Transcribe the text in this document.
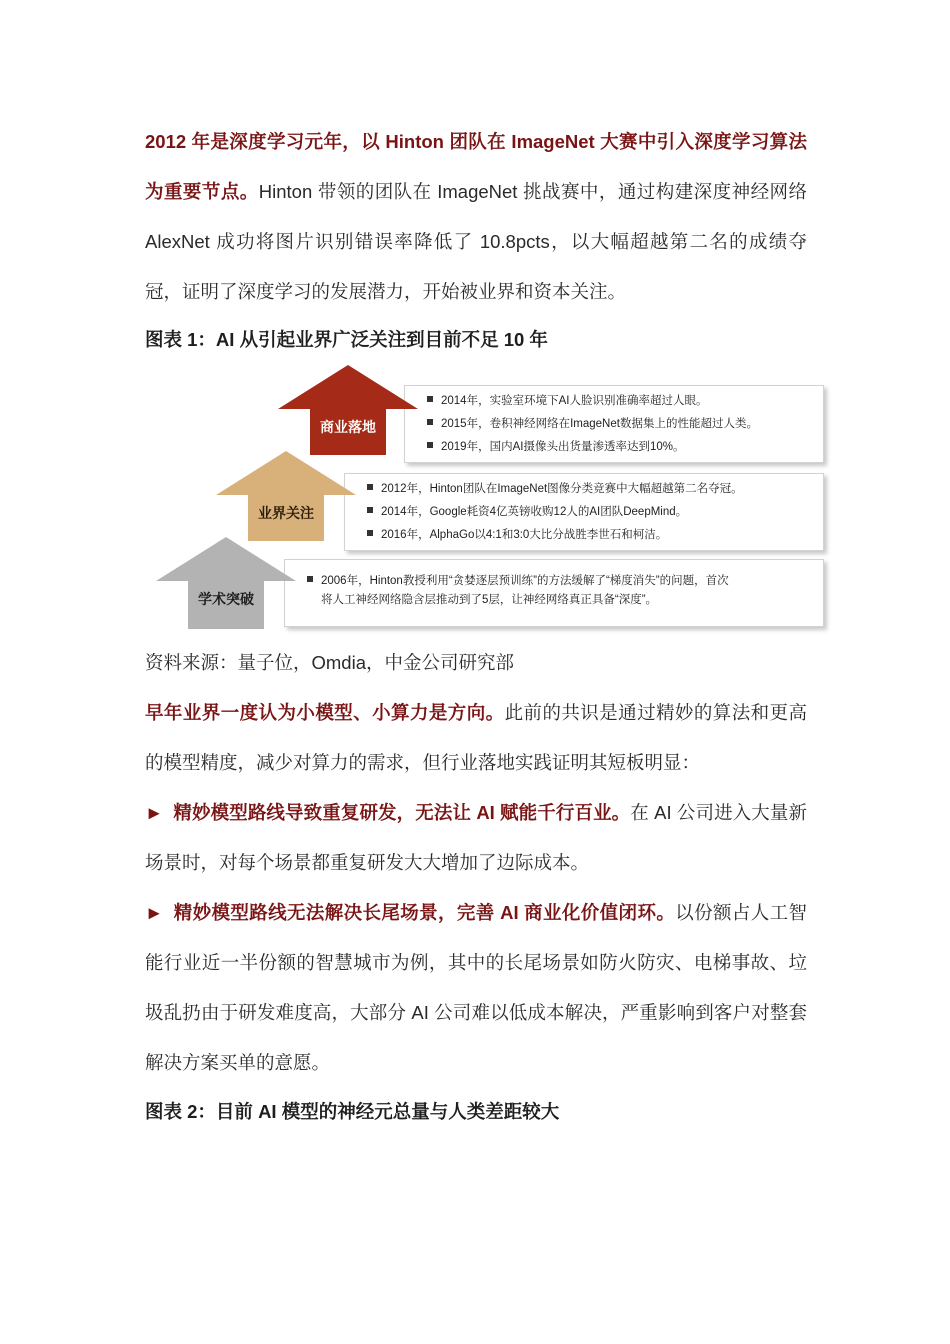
2012 年是深度学习元年，以 Hinton 团队在 ImageNet 大赛中引入深度学习算法为重要节点。Hinton 带领的团队在 ImageNet 挑战赛中，通过构建深度神经网络 AlexNet 成功将图片识别错误率降低了 10.8pcts，以大幅超越第二名的成绩夺冠，证明了深度学习的发展潜力，开始被业界和资本关注。

图表 1：AI 从引起业界广泛关注到目前不足 10 年

资料来源：量子位，Omdia，中金公司研究部

早年业界一度认为小模型、小算力是方向。此前的共识是通过精妙的算法和更高的模型精度，减少对算力的需求，但行业落地实践证明其短板明显：

► 精妙模型路线导致重复研发，无法让 AI 赋能千行百业。在 AI 公司进入大量新场景时，对每个场景都重复研发大大增加了边际成本。

► 精妙模型路线无法解决长尾场景，完善 AI 商业化价值闭环。以份额占人工智能行业近一半份额的智慧城市为例，其中的长尾场景如防火防灾、电梯事故、垃圾乱扔由于研发难度高，大部分 AI 公司难以低成本解决，严重影响到客户对整套解决方案买单的意愿。

图表 2：目前 AI 模型的神经元总量与人类差距较大

2014年，实验室环境下AI人脸识别准确率超过人眼。
2015年，卷积神经网络在ImageNet数据集上的性能超过人类。
2019年，国内AI摄像头出货量渗透率达到10%。
2012年，Hinton团队在ImageNet图像分类竞赛中大幅超越第二名夺冠。
2014年，Google耗资4亿英镑收购12人的AI团队DeepMind。
2016年，AlphaGo以4:1和3:0大比分战胜李世石和柯洁。
2006年，Hinton教授利用“贪婪逐层预训练”的方法缓解了“梯度消失”的问题，首次
将人工神经网络隐含层推动到了5层，让神经网络真正具备“深度”。
商业落地
业界关注
学术突破
